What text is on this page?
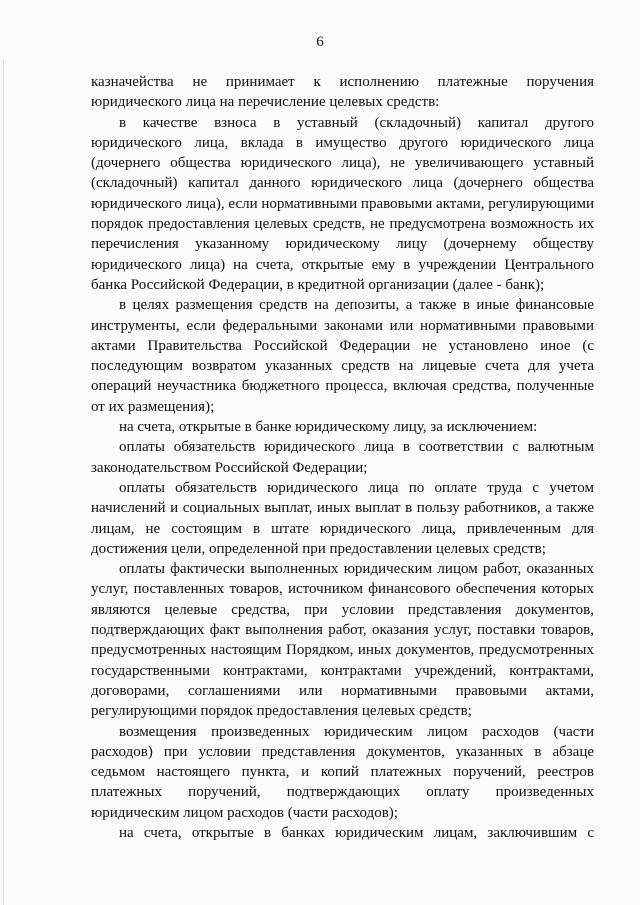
6

казначейства не принимает к исполнению платежные поручения юридического лица на перечисление целевых средств:

в качестве взноса в уставный (складочный) капитал другого юридического лица, вклада в имущество другого юридического лица (дочернего общества юридического лица), не увеличивающего уставный (складочный) капитал данного юридического лица (дочернего общества юридического лица), если нормативными правовыми актами, регулирующими порядок предоставления целевых средств, не предусмотрена возможность их перечисления указанному юридическому лицу (дочернему обществу юридического лица) на счета, открытые ему в учреждении Центрального банка Российской Федерации, в кредитной организации (далее - банк);

в целях размещения средств на депозиты, а также в иные финансовые инструменты, если федеральными законами или нормативными правовыми актами Правительства Российской Федерации не установлено иное (с последующим возвратом указанных средств на лицевые счета для учета операций неучастника бюджетного процесса, включая средства, полученные от их размещения);

на счета, открытые в банке юридическому лицу, за исключением:

оплаты обязательств юридического лица в соответствии с валютным законодательством Российской Федерации;

оплаты обязательств юридического лица по оплате труда с учетом начислений и социальных выплат, иных выплат в пользу работников, а также лицам, не состоящим в штате юридического лица, привлеченным для достижения цели, определенной при предоставлении целевых средств;

оплаты фактически выполненных юридическим лицом работ, оказанных услуг, поставленных товаров, источником финансового обеспечения которых являются целевые средства, при условии представления документов, подтверждающих факт выполнения работ, оказания услуг, поставки товаров, предусмотренных настоящим Порядком, иных документов, предусмотренных государственными контрактами, контрактами учреждений, контрактами, договорами, соглашениями или нормативными правовыми актами, регулирующими порядок предоставления целевых средств;

возмещения произведенных юридическим лицом расходов (части расходов) при условии представления документов, указанных в абзаце седьмом настоящего пункта, и копий платежных поручений, реестров платежных поручений, подтверждающих оплату произведенных юридическим лицом расходов (части расходов);

на счета, открытые в банках юридическим лицам, заключившим с
